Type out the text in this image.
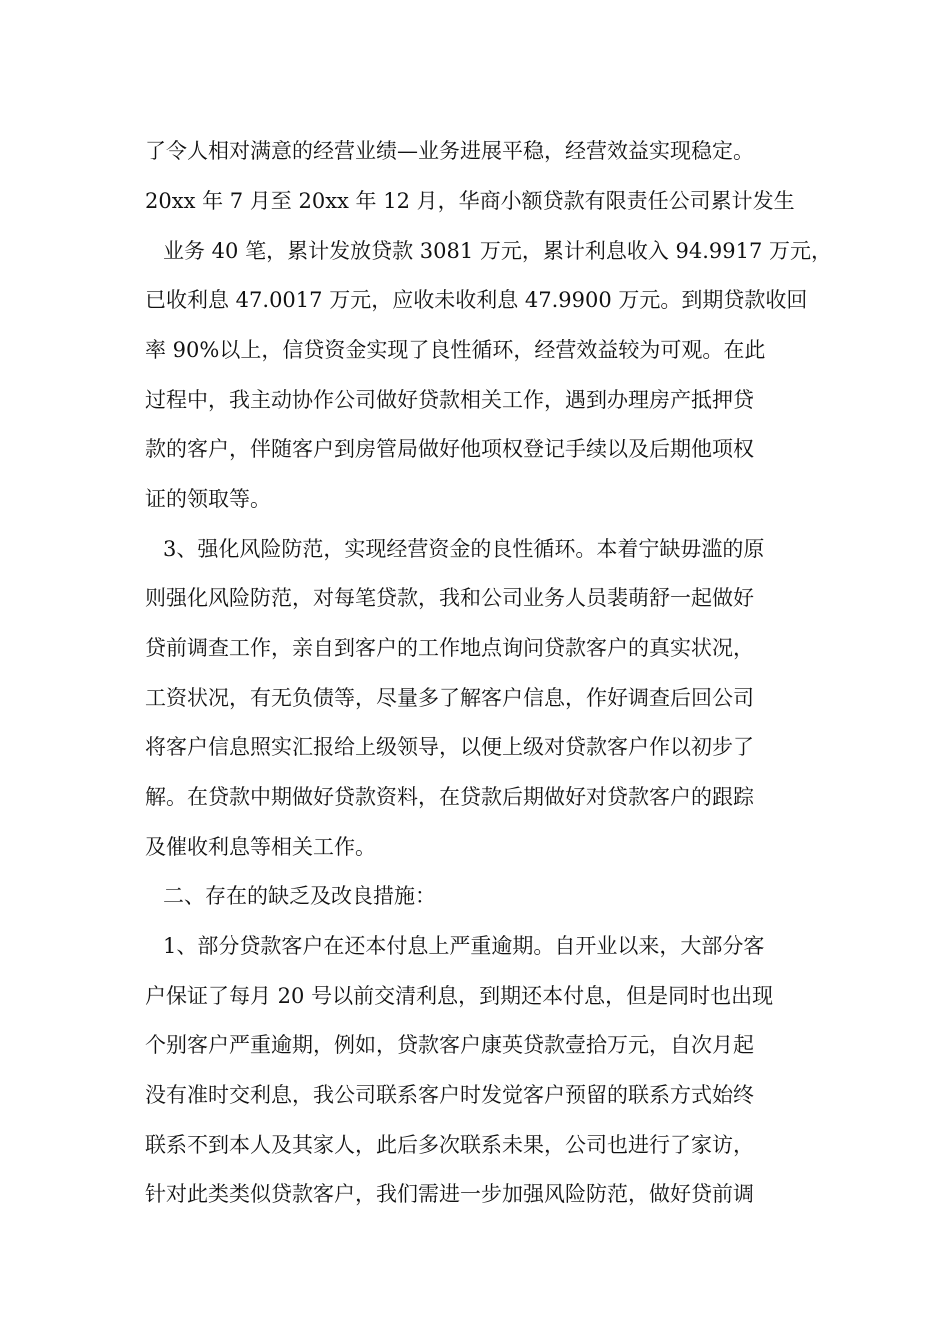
了令人相对满意的经营业绩—业务进展平稳，经营效益实现稳定。
20xx 年 7 月至 20xx 年 12 月，华商小额贷款有限责任公司累计发生
业务 40 笔，累计发放贷款 3081 万元，累计利息收入 94.9917 万元，
已收利息 47.0017 万元，应收未收利息 47.9900 万元。到期贷款收回
率 90%以上，信贷资金实现了良性循环，经营效益较为可观。在此
过程中，我主动协作公司做好贷款相关工作，遇到办理房产抵押贷
款的客户，伴随客户到房管局做好他项权登记手续以及后期他项权
证的领取等。
3、强化风险防范，实现经营资金的良性循环。本着宁缺毋滥的原
则强化风险防范，对每笔贷款，我和公司业务人员裴萌舒一起做好
贷前调查工作，亲自到客户的工作地点询问贷款客户的真实状况，
工资状况，有无负债等，尽量多了解客户信息，作好调查后回公司
将客户信息照实汇报给上级领导，以便上级对贷款客户作以初步了
解。在贷款中期做好贷款资料，在贷款后期做好对贷款客户的跟踪
及催收利息等相关工作。
二、存在的缺乏及改良措施：
1、部分贷款客户在还本付息上严重逾期。自开业以来，大部分客
户保证了每月 20 号以前交清利息，到期还本付息，但是同时也出现
个别客户严重逾期，例如，贷款客户康英贷款壹拾万元，自次月起
没有准时交利息，我公司联系客户时发觉客户预留的联系方式始终
联系不到本人及其家人，此后多次联系未果，公司也进行了家访，
针对此类类似贷款客户，我们需进一步加强风险防范，做好贷前调
